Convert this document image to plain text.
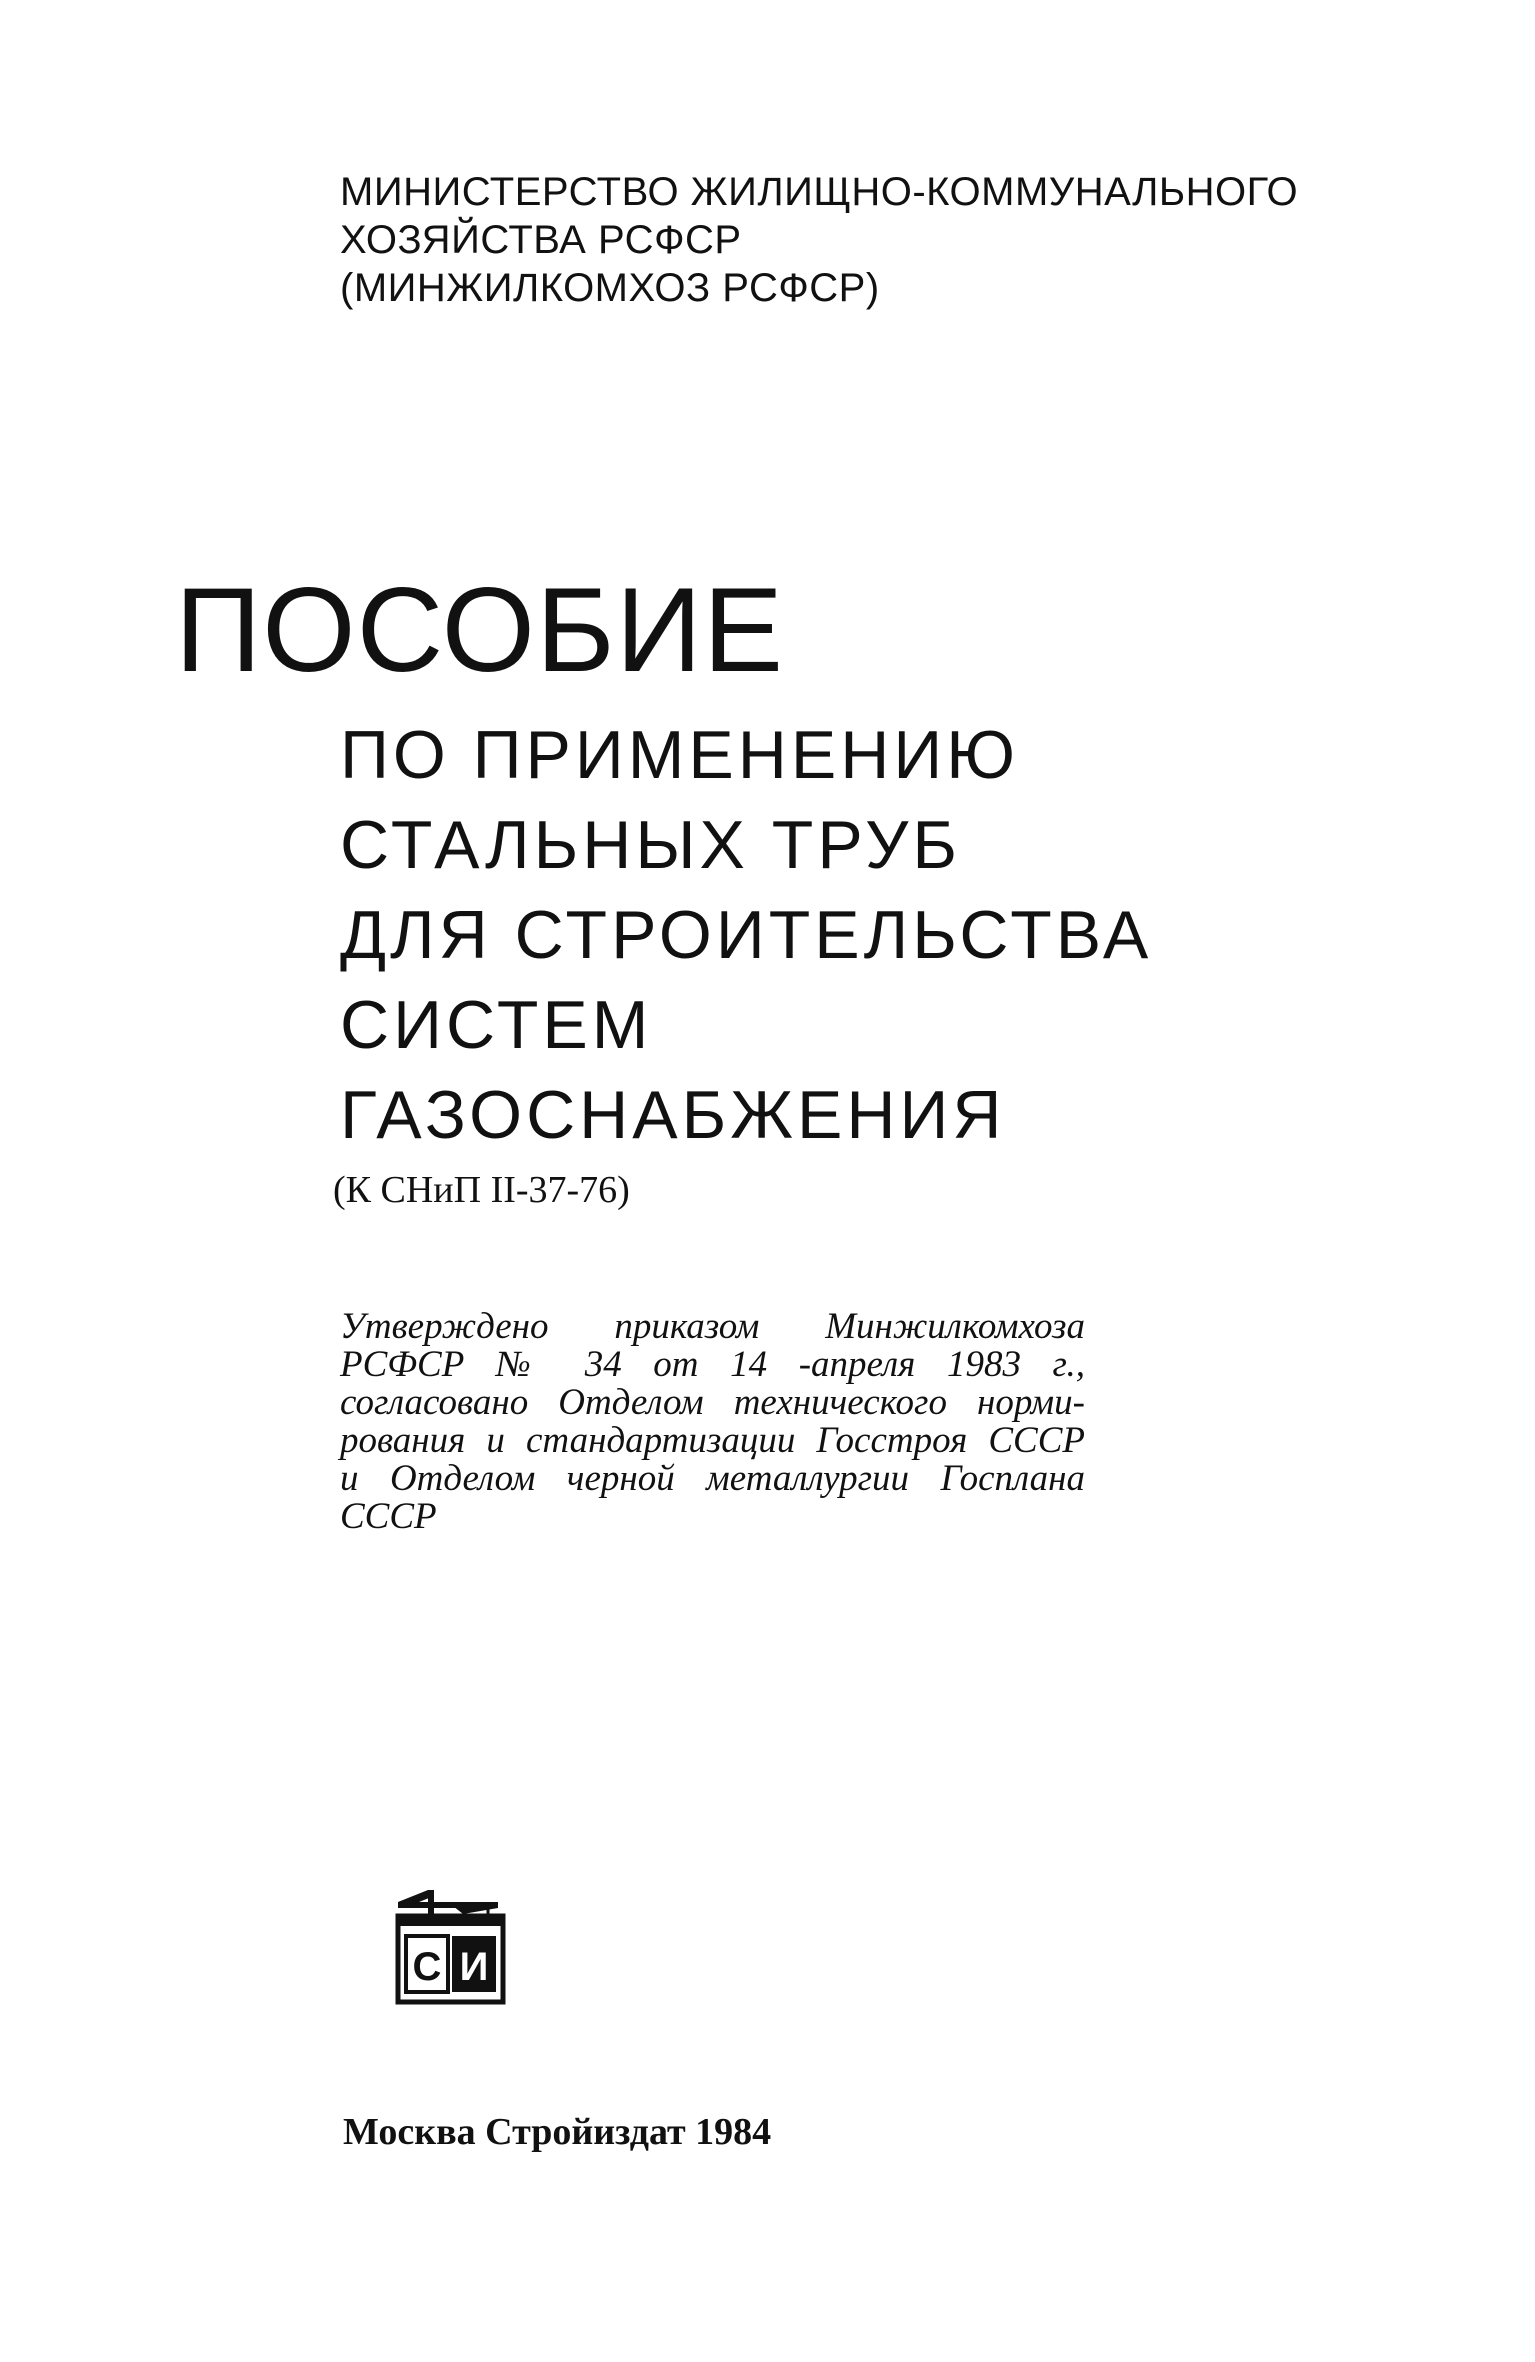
МИНИСТЕРСТВО ЖИЛИЩНО-КОММУНАЛЬНОГО
ХОЗЯЙСТВА РСФСР
(МИНЖИЛКОМХОЗ РСФСР)
ПОСОБИЕ
ПО ПРИМЕНЕНИЮ
СТАЛЬНЫХ ТРУБ
ДЛЯ СТРОИТЕЛЬСТВА
СИСТЕМ
ГАЗОСНАБЖЕНИЯ
(К СНиП II-37-76)
Утверждено приказом Минжилкомхоза
РСФСР № 34 от 14 -апреля 1983 г.,
согласовано Отделом технического норми-
рования и стандартизации Госстроя СССР
и Отделом черной металлургии Госплана
СССР
С И
Москва Стройиздат 1984
